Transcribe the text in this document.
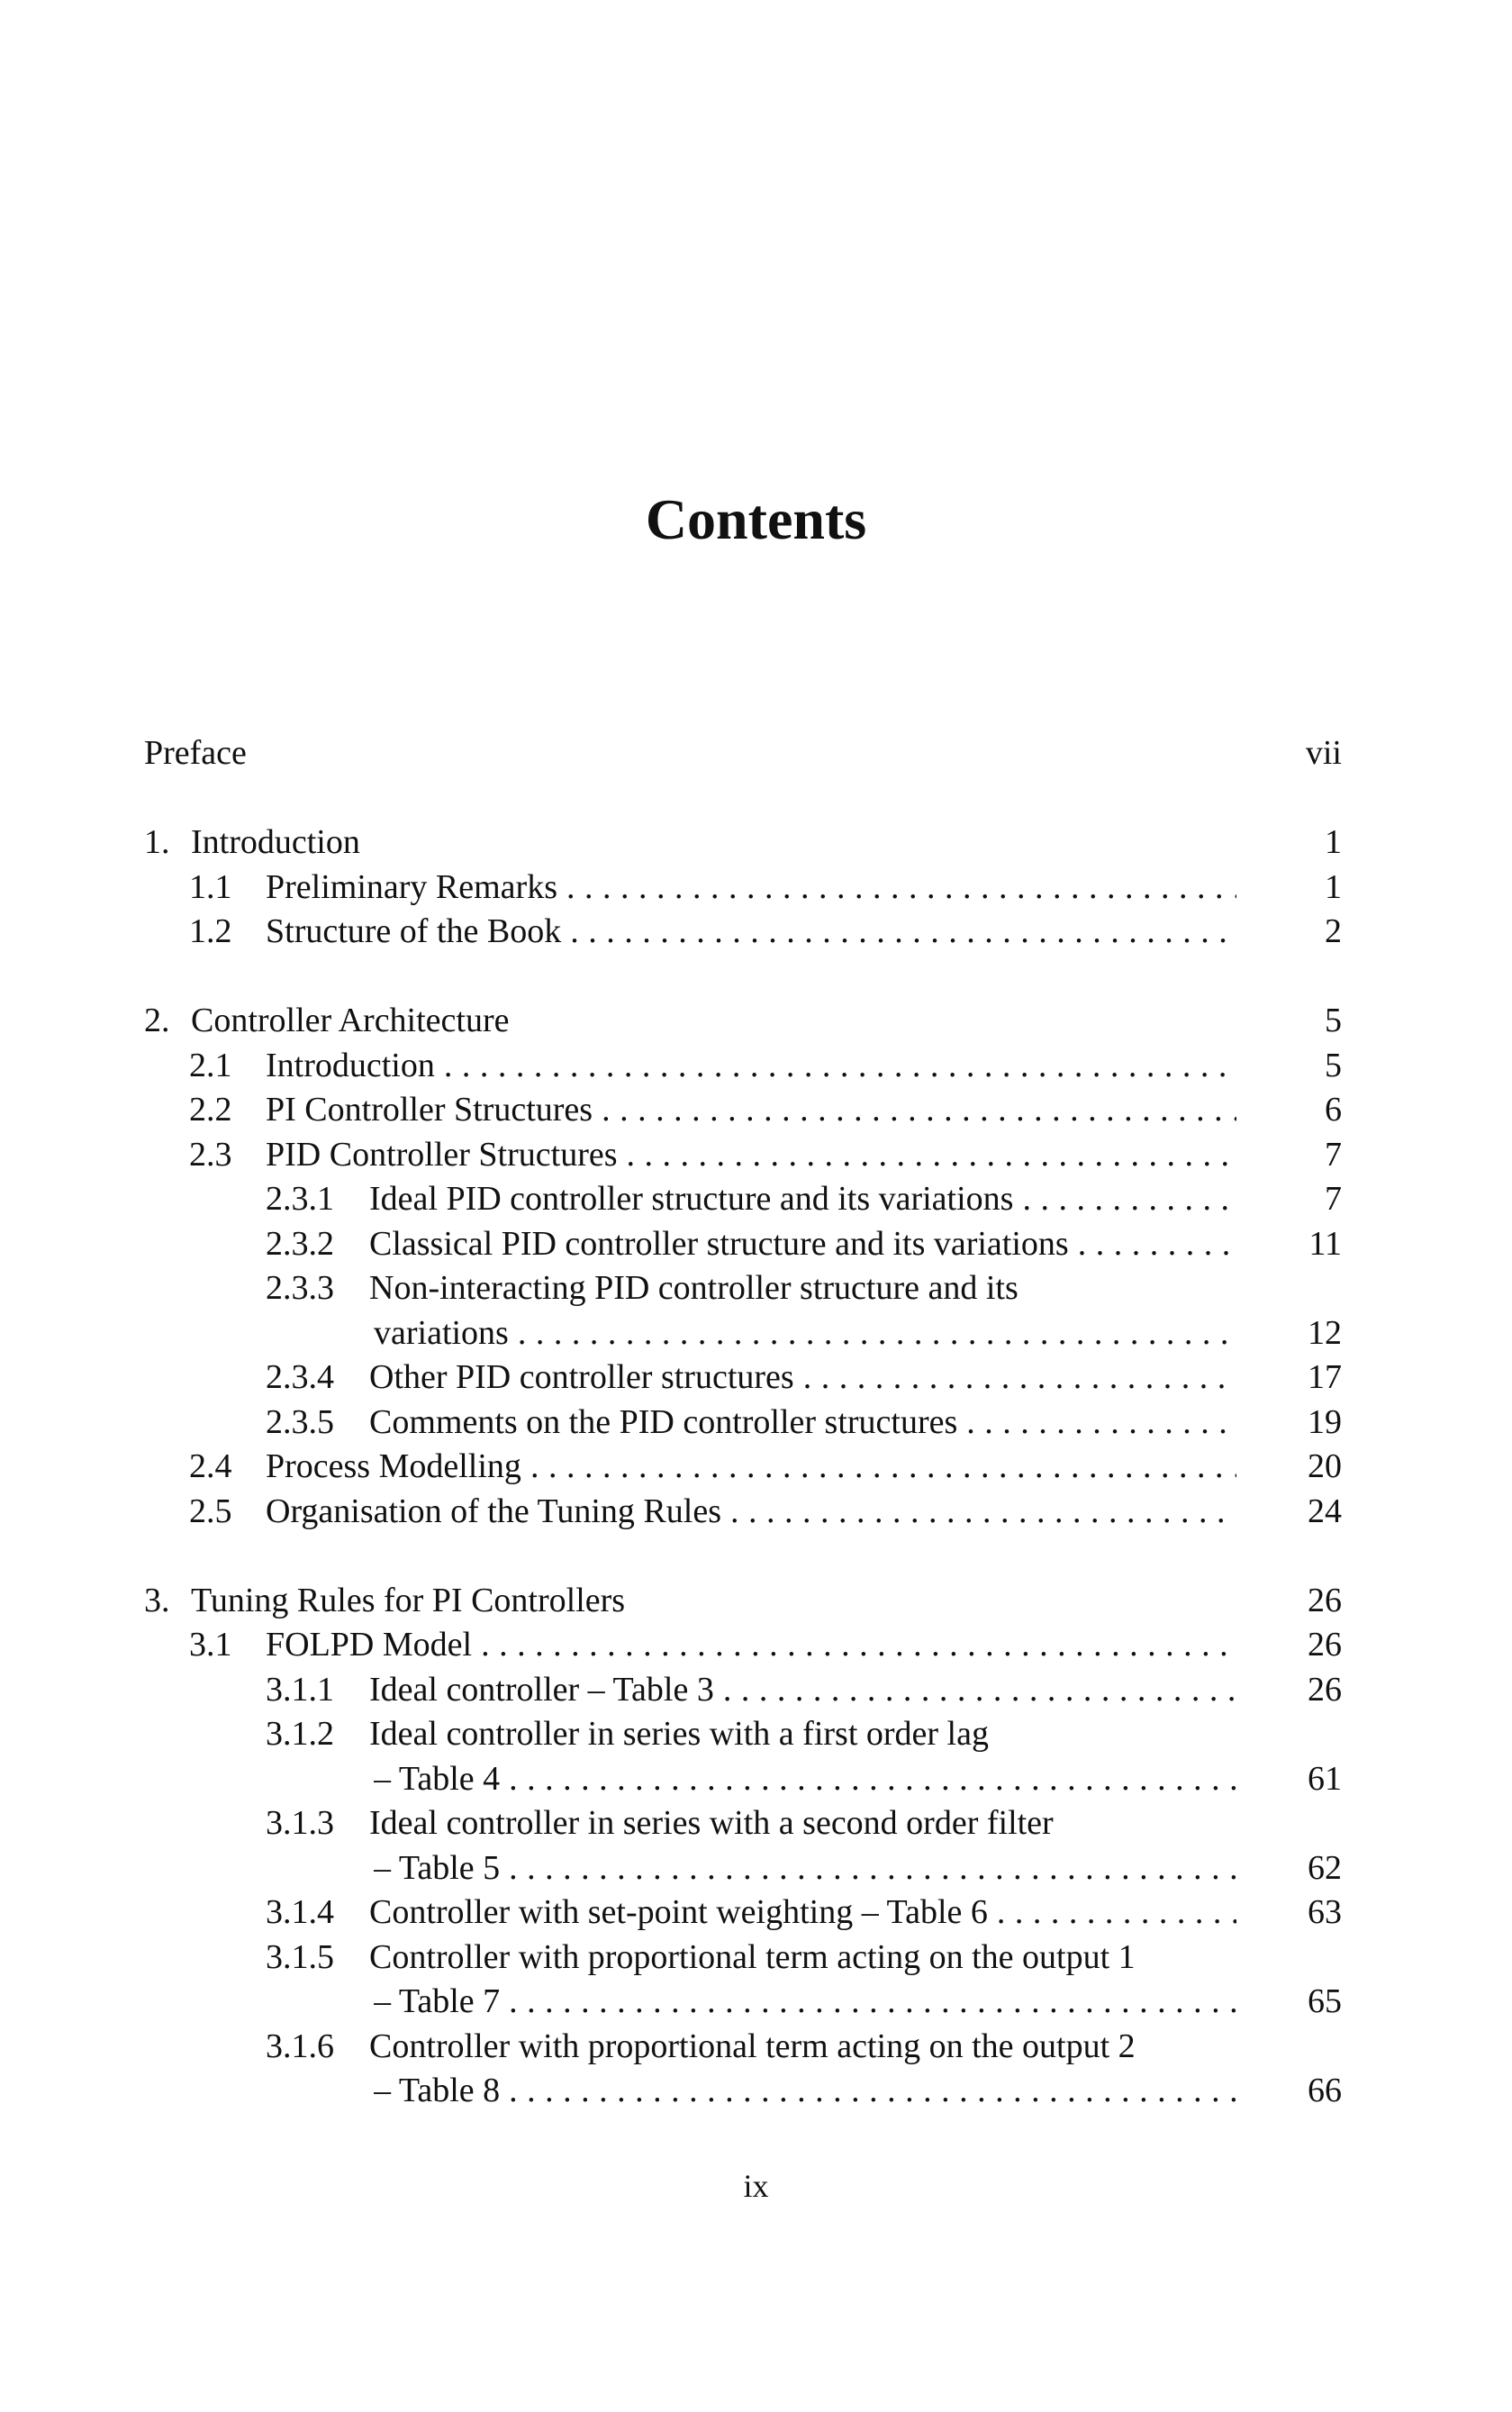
Contents
Preface	vii
1. Introduction	1
1.1 Preliminary Remarks . . .	1
1.2 Structure of the Book . . .	2
2. Controller Architecture	5
2.1 Introduction . . .	5
2.2 PI Controller Structures . . .	6
2.3 PID Controller Structures . . .	7
2.3.1 Ideal PID controller structure and its variations . . .	7
2.3.2 Classical PID controller structure and its variations . . .	11
2.3.3 Non-interacting PID controller structure and its
variations . . .	12
2.3.4 Other PID controller structures . . .	17
2.3.5 Comments on the PID controller structures . . .	19
2.4 Process Modelling . . .	20
2.5 Organisation of the Tuning Rules . . .	24
3. Tuning Rules for PI Controllers	26
3.1 FOLPD Model . . .	26
3.1.1 Ideal controller – Table 3 . . .	26
3.1.2 Ideal controller in series with a first order lag
– Table 4 . . .	61
3.1.3 Ideal controller in series with a second order filter
– Table 5 . . .	62
3.1.4 Controller with set-point weighting – Table 6 . . .	63
3.1.5 Controller with proportional term acting on the output 1
– Table 7 . . .	65
3.1.6 Controller with proportional term acting on the output 2
– Table 8 . . .	66
ix
